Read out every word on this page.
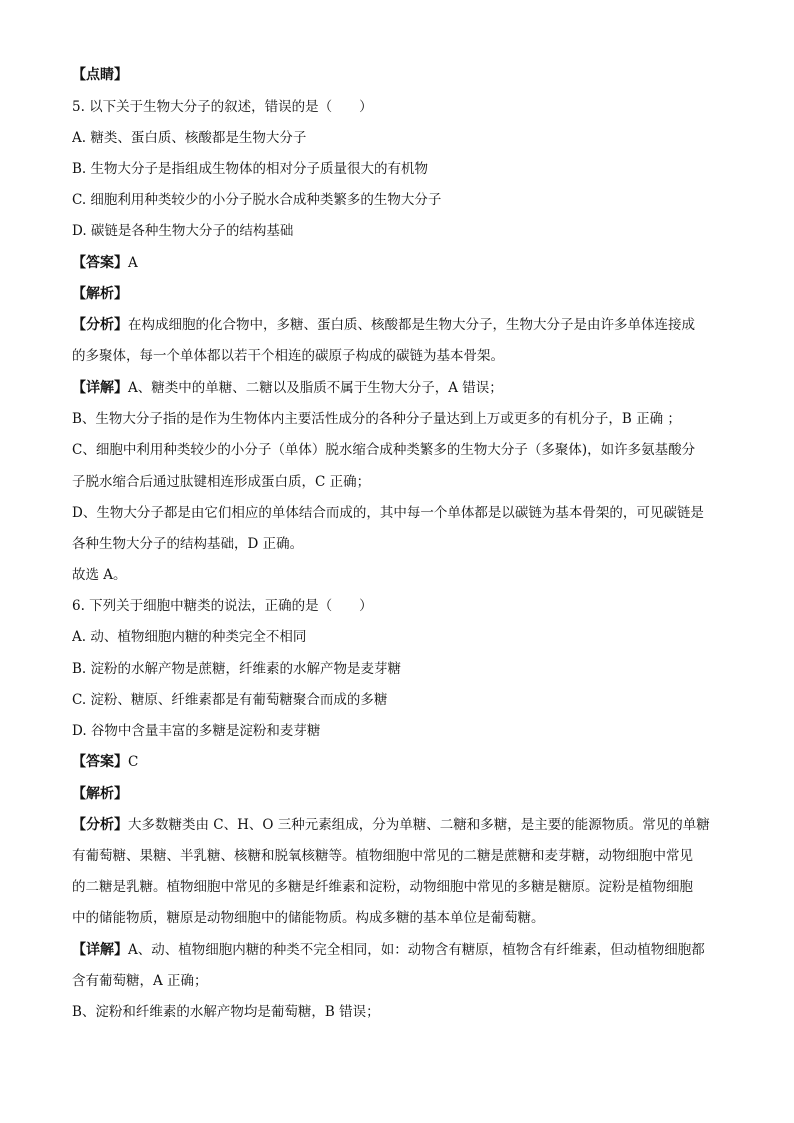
【点睛】
5. 以下关于生物大分子的叙述，错误的是（　　）
A. 糖类、蛋白质、核酸都是生物大分子
B. 生物大分子是指组成生物体的相对分子质量很大的有机物
C. 细胞利用种类较少的小分子脱水合成种类繁多的生物大分子
D. 碳链是各种生物大分子的结构基础
【答案】A
【解析】
【分析】在构成细胞的化合物中，多糖、蛋白质、核酸都是生物大分子，生物大分子是由许多单体连接成
的多聚体，每一个单体都以若干个相连的碳原子构成的碳链为基本骨架。
【详解】A、糖类中的单糖、二糖以及脂质不属于生物大分子，A 错误；
B、生物大分子指的是作为生物体内主要活性成分的各种分子量达到上万或更多的有机分子，B 正确 ；
C、细胞中利用种类较少的小分子（单体）脱水缩合成种类繁多的生物大分子（多聚体)，如许多氨基酸分
子脱水缩合后通过肽键相连形成蛋白质，C 正确；
D、生物大分子都是由它们相应的单体结合而成的，其中每一个单体都是以碳链为基本骨架的，可见碳链是
各种生物大分子的结构基础，D 正确。
故选 A。
6. 下列关于细胞中糖类的说法，正确的是（　　）
A. 动、植物细胞内糖的种类完全不相同
B. 淀粉的水解产物是蔗糖，纤维素的水解产物是麦芽糖
C. 淀粉、糖原、纤维素都是有葡萄糖聚合而成的多糖
D. 谷物中含量丰富的多糖是淀粉和麦芽糖
【答案】C
【解析】
【分析】大多数糖类由 C、H、O 三种元素组成，分为单糖、二糖和多糖，是主要的能源物质。常见的单糖
有葡萄糖、果糖、半乳糖、核糖和脱氧核糖等。植物细胞中常见的二糖是蔗糖和麦芽糖，动物细胞中常见
的二糖是乳糖。植物细胞中常见的多糖是纤维素和淀粉，动物细胞中常见的多糖是糖原。淀粉是植物细胞
中的储能物质，糖原是动物细胞中的储能物质。构成多糖的基本单位是葡萄糖。
【详解】A、动、植物细胞内糖的种类不完全相同，如：动物含有糖原，植物含有纤维素，但动植物细胞都
含有葡萄糖，A 正确；
B、淀粉和纤维素的水解产物均是葡萄糖，B 错误；
